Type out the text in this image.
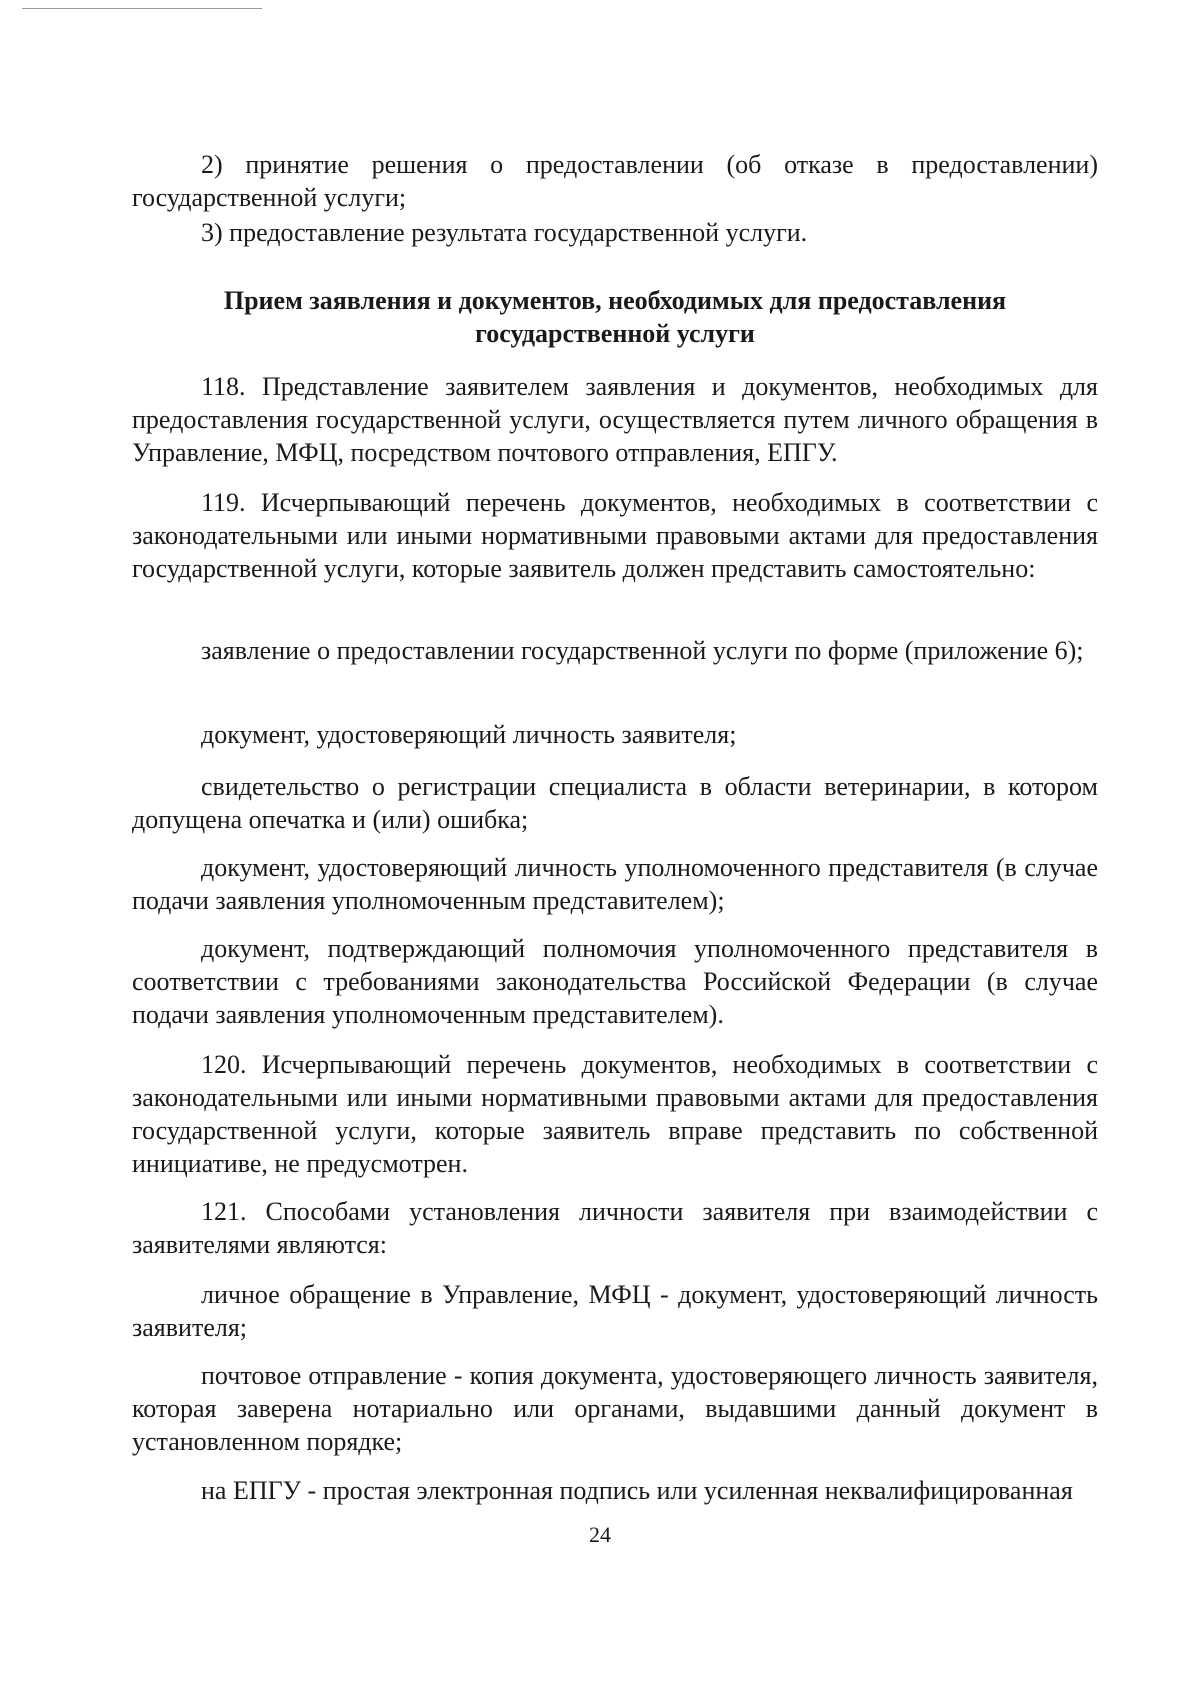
2) принятие решения о предоставлении (об отказе в предоставлении) государственной услуги;

3) предоставление результата государственной услуги.

Прием заявления и документов, необходимых для предоставления
государственной услуги

118. Представление заявителем заявления и документов, необходимых для предоставления государственной услуги, осуществляется путем личного обращения в Управление, МФЦ, посредством почтового отправления, ЕПГУ.

119. Исчерпывающий перечень документов, необходимых в соответствии с законодательными или иными нормативными правовыми актами для предоставления государственной услуги, которые заявитель должен представить самостоятельно:

заявление о предоставлении государственной услуги по форме (приложение 6);

документ, удостоверяющий личность заявителя;

свидетельство о регистрации специалиста в области ветеринарии, в котором допущена опечатка и (или) ошибка;

документ, удостоверяющий личность уполномоченного представителя (в случае подачи заявления уполномоченным представителем);

документ, подтверждающий полномочия уполномоченного представителя в соответствии с требованиями законодательства Российской Федерации (в случае подачи заявления уполномоченным представителем).

120. Исчерпывающий перечень документов, необходимых в соответствии с законодательными или иными нормативными правовыми актами для предоставления государственной услуги, которые заявитель вправе представить по собственной инициативе, не предусмотрен.

121. Способами установления личности заявителя при взаимодействии с заявителями являются:

личное обращение в Управление, МФЦ - документ, удостоверяющий личность заявителя;

почтовое отправление - копия документа, удостоверяющего личность заявителя, которая заверена нотариально или органами, выдавшими данный документ в установленном порядке;

на ЕПГУ - простая электронная подпись или усиленная неквалифицированная

24
